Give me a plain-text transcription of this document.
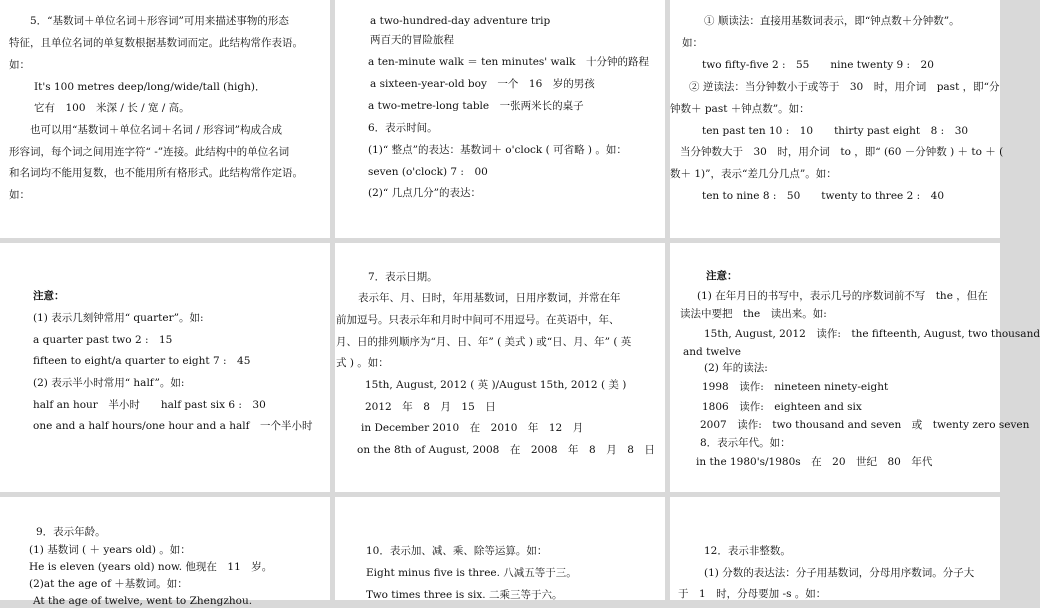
5．“基数词＋单位名词＋形容词”可用来描述事物的形态
特征，且单位名词的单复数根据基数词而定。此结构常作表语。
如：
It's 100 metres deep/long/wide/tall (high)．
它有　100　米深 / 长 / 宽 / 高。
也可以用“基数词＋单位名词＋名词 / 形容词”构成合成
形容词，每个词之间用连字符“ -”连接。此结构中的单位名词
和名词均不能用复数，也不能用所有格形式。此结构常作定语。
如：
a two-hundred-day adventure trip
两百天的冒险旅程
a ten-minute walk ＝ ten minutes' walk　十分钟的路程
a sixteen-year-old boy　一个　16　岁的男孩
a two-metre-long table　一张两米长的桌子
6．表示时间。
(1)“ 整点”的表达：基数词＋ o'clock ( 可省略 ) 。如：
seven (o'clock) 7 :　00
(2)“ 几点几分”的表达：
① 顺读法：直接用基数词表示，即“钟点数＋分钟数”。
如：
two fifty-five 2 :　55　　nine twenty 9 :　20
② 逆读法：当分钟数小于或等于　30　时，用介词　past ，即“分
钟数＋ past ＋钟点数”。如：
ten past ten 10 :　10　　thirty past eight　8 :　30
当分钟数大于　30　时，用介词　to ，即“ (60 －分钟数 ) ＋ to ＋ (
数＋ 1)”，表示“差几分几点”。如：
ten to nine 8 :　50　　twenty to three 2 :　40
注意：
(1) 表示几刻钟常用“ quarter”。如:
a quarter past two 2 :　15
fifteen to eight/a quarter to eight 7 :　45
(2) 表示半小时常用“ half”。如:
half an hour　半小时　　half past six 6 :　30
one and a half hours/one hour and a half　一个半小时
7．表示日期。
表示年、月、日时，年用基数词，日用序数词，并常在年
前加逗号。只表示年和月时中间可不用逗号。在英语中，年、
月、日的排列顺序为“月、日、年” ( 美式 ) 或“日、月、年” ( 英
式 ) 。如：
15th, August, 2012 ( 英 )/August 15th, 2012 ( 美 )
2012　年　8　月　15　日
in December 2010　在　2010　年　12　月
on the 8th of August, 2008　在　2008　年　8　月　8　日
注意：
(1) 在年月日的书写中，表示几号的序数词前不写　the ，但在
读法中要把　the　读出来。如:
15th, August, 2012　读作:　the fifteenth, August, two thousand
and twelve
(2) 年的读法:
1998　读作:　nineteen ninety-eight
1806　读作:　eighteen and six
2007　读作:　two thousand and seven　或　twenty zero seven
8．表示年代。如：
in the 1980's/1980s　在　20　世纪　80　年代
9．表示年龄。
(1) 基数词 ( ＋ years old) 。如：
He is eleven (years old) now. 他现在　11　岁。
(2)at the age of ＋基数词。如：
At the age of twelve, went to Zhengzhou.
10．表示加、减、乘、除等运算。如：
Eight minus five is three. 八减五等于三。
Two times three is six. 二乘三等于六。
12．表示非整数。
(1) 分数的表达法：分子用基数词，分母用序数词。分子大
于　1　时，分母要加 -s 。如：
